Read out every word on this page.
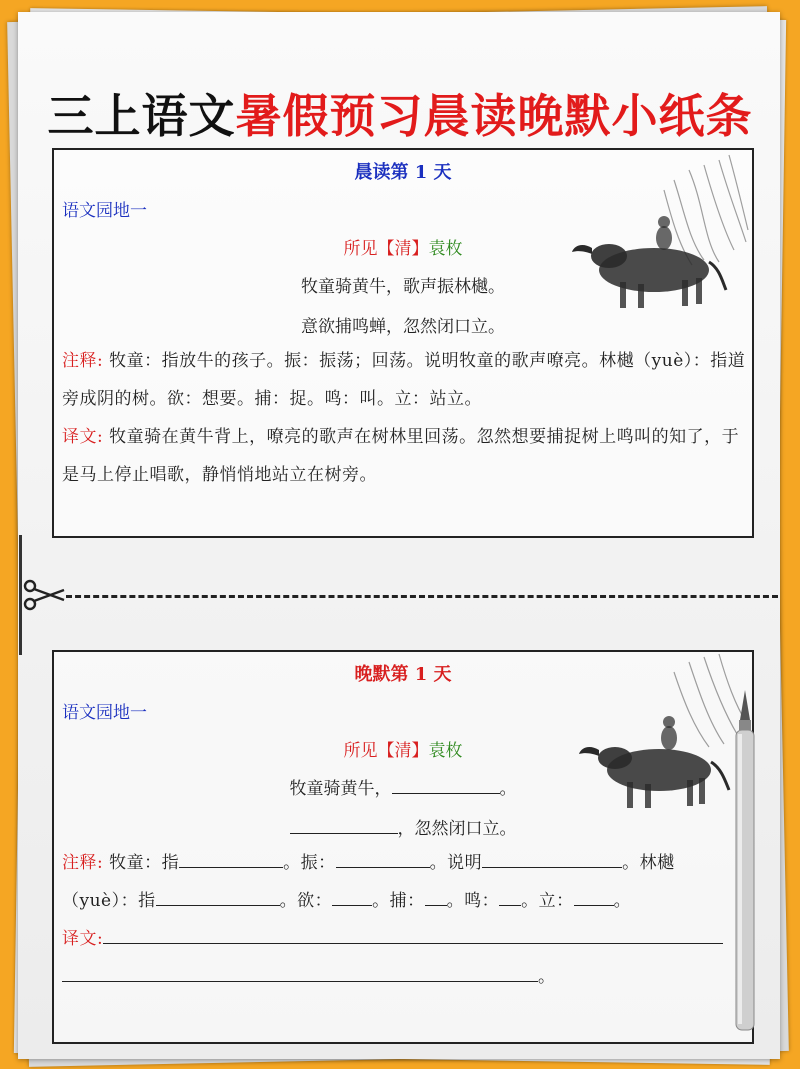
三上语文暑假预习晨读晚默小纸条
晨读第 1 天
语文园地一
所见【清】袁枚
牧童骑黄牛，歌声振林樾。
意欲捕鸣蝉，忽然闭口立。
注释: 牧童：指放牛的孩子。振：振荡；回荡。说明牧童的歌声嘹亮。林樾（yuè）：指道旁成阴的树。欲：想要。捕：捉。鸣：叫。立：站立。
译文: 牧童骑在黄牛背上，嘹亮的歌声在树林里回荡。忽然想要捕捉树上鸣叫的知了，于是马上停止唱歌，静悄悄地站立在树旁。
晚默第 1 天
语文园地一
所见【清】袁枚
牧童骑黄牛，	。
，忽然闭口立。
注释: 牧童：指	。振：	。说明	。林樾
（yuè）：指	。欲： 。捕： 。鸣： 。立： 。
译文:
。
